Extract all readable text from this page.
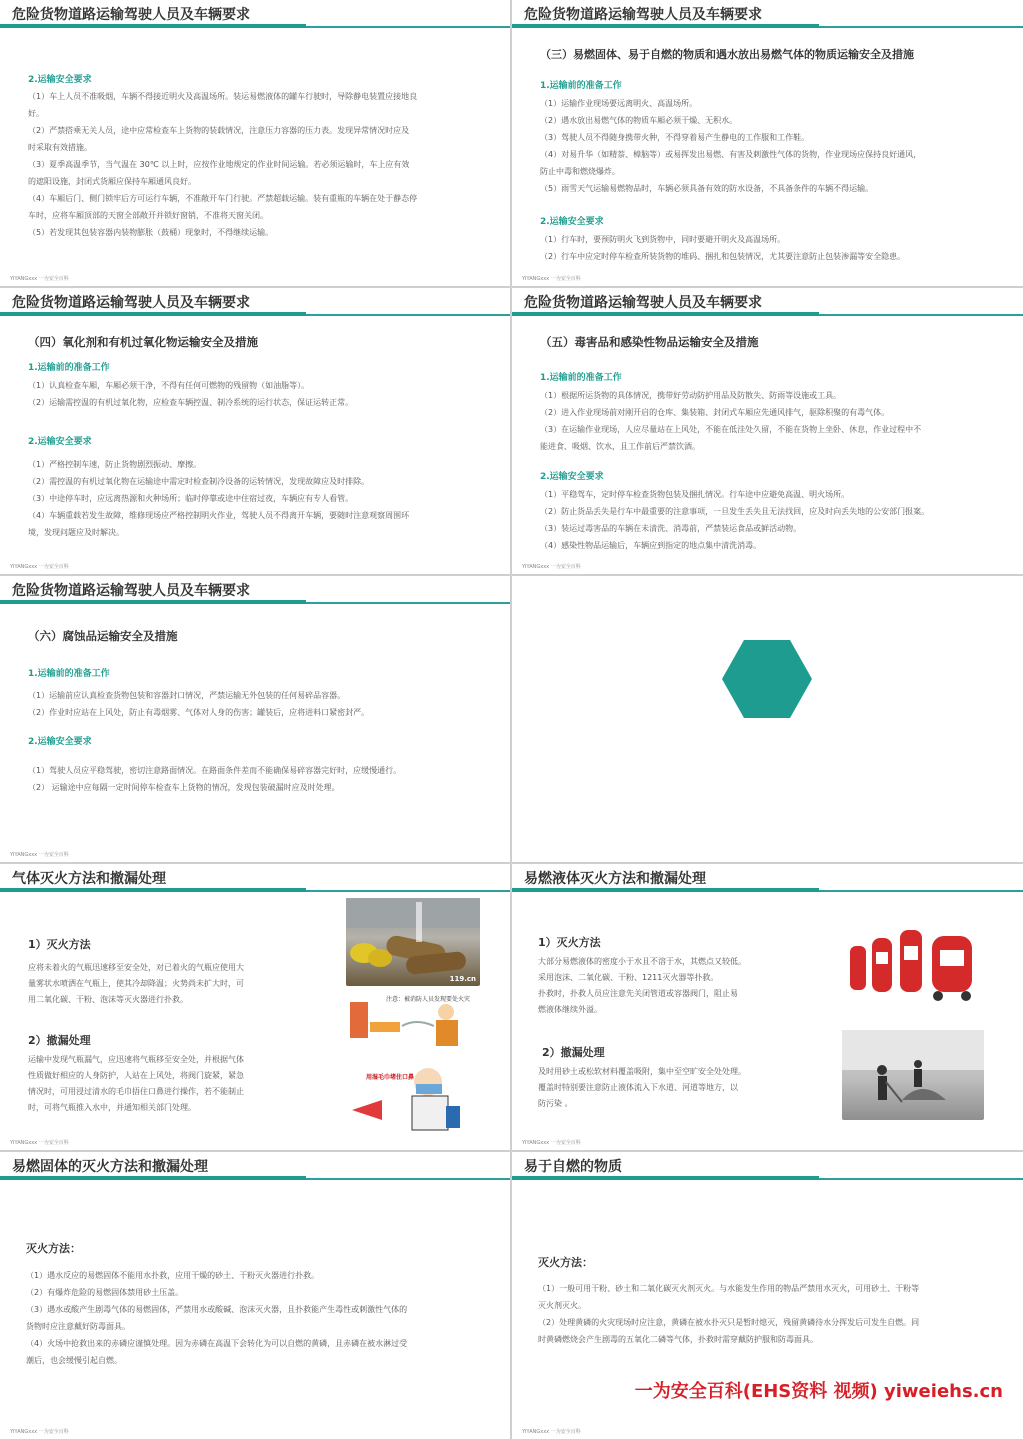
危险货物道路运输驾驶人员及车辆要求
2.运输安全要求

（1）车上人员不准吸烟，车辆不得接近明火及高温场所。装运易燃液体的罐车行驶时，导除静电装置应接地良

好。

（2）严禁搭乘无关人员，途中应常检查车上货物的装载情况，注意压力容器的压力表。发现异常情况时应及

时采取有效措施。

（3）夏季高温季节，当气温在 30℃ 以上时，应按作业地规定的作业时间运输。若必须运输时，车上应有效

的遮阳设施，封闭式货厢应保持车厢通风良好。

（4）车厢后门、侧门锁牢后方可运行车辆，不准敞开车门行驶。严禁超载运输。装有重瓶的车辆在处于静态停

车时，应将车厢顶部的天窗全部敞开并锁好窗销，不准将天窗关闭。

（5）若发现其包装容器内装物膨胀（鼓桶）现象时，不得继续运输。

YIYANGxxx 一为安全百科
危险货物道路运输驾驶人员及车辆要求
（三）易燃固体、易于自燃的物质和遇水放出易燃气体的物质运输安全及措施
1.运输前的准备工作

（1）运输作业现场要远离明火、高温场所。

（2）遇水放出易燃气体的物质车厢必须干燥、无积水。

（3）驾驶人员不得随身携带火种，不得穿着易产生静电的工作服和工作鞋。

（4）对易升华（如精萘、樟脑等）或易挥发出易燃、有害及刺激性气体的货物，作业现场应保持良好通风，

防止中毒和燃烧爆炸。

（5）雨雪天气运输易燃物品时，车辆必须具备有效的防水设备，不具备条件的车辆不得运输。

2.运输安全要求

（1）行车时，要预防明火飞到货物中，同时要避开明火及高温场所。

（2）行车中应定时停车检查所装货物的堆码、捆扎和包装情况，尤其要注意防止包装渗漏等安全隐患。

YIYANGxxx 一为安全百科
危险货物道路运输驾驶人员及车辆要求
（四）氧化剂和有机过氧化物运输安全及措施
1.运输前的准备工作

（1）认真检查车厢，车厢必须干净，不得有任何可燃物的残留物（如油脂等）。

（2）运输需控温的有机过氧化物，应检查车辆控温、制冷系统的运行状态，保证运转正常。

2.运输安全要求

（1）严格控制车速，防止货物剧烈振动、摩擦。

（2）需控温的有机过氧化物在运输途中需定时检查制冷设备的运转情况，发现故障应及时排除。

（3）中途停车时，应远离热源和火种场所；临时停靠或途中住宿过夜，车辆应有专人看管。

（4）车辆重载若发生故障，维修现场应严格控制明火作业，驾驶人员不得离开车辆，要随时注意观察周围环

境，发现问题应及时解决。

YIYANGxxx 一为安全百科
危险货物道路运输驾驶人员及车辆要求
（五）毒害品和感染性物品运输安全及措施
1.运输前的准备工作

（1）根据所运货物的具体情况，携带好劳动防护用品及防散失、防雨等设施或工具。

（2）进入作业现场前对刚开启的仓库、集装箱、封闭式车厢应先通风排气，驱除积聚的有毒气体。

（3）在运输作业现场，人应尽量站在上风处，不能在低洼处久留，不能在货物上坐卧、休息，作业过程中不

能进食、吸烟、饮水，且工作前后严禁饮酒。

2.运输安全要求

（1）平稳驾车，定时停车检查货物包装及捆扎情况。行车途中应避免高温、明火场所。

（2）防止货品丢失是行车中最重要的注意事项，一旦发生丢失且无法找回，应及时向丢失地的公安部门报案。

（3）装运过毒害品的车辆在未清洗、消毒前，严禁装运食品或鲜活动物。

（4）感染性物品运输后，车辆应到指定的地点集中清洗消毒。

YIYANGxxx 一为安全百科
危险货物道路运输驾驶人员及车辆要求
（六）腐蚀品运输安全及措施
1.运输前的准备工作

（1）运输前应认真检查货物包装和容器封口情况，严禁运输无外包装的任何易碎品容器。

（2）作业时应站在上风处，防止有毒烟雾、气体对人身的伤害；罐装后，应将进料口紧密封严。

2.运输安全要求

（1）驾驶人员应平稳驾驶，密切注意路面情况。在路面条件差而不能确保易碎容器完好时，应缓慢通行。

（2） 运输途中应每隔一定时间停车检查车上货物的情况，发现包装破漏时应及时处理。

YIYANGxxx 一为安全百科
气体灭火方法和撤漏处理
1）灭火方法

应将未着火的气瓶迅速移至安全处，对已着火的气瓶应使用大

量雾状水喷洒在气瓶上，使其冷却降温；火势尚未扩大时，可

用二氧化碳、干粉、泡沫等灭火器进行扑救。

2）撤漏处理

运输中发现气瓶漏气，应迅速将气瓶移至安全处，并根据气体

性质做好相应的人身防护，人站在上风处，将阀门旋紧，紧急

情况时，可用浸过清水的毛巾捂住口鼻进行操作，若不能制止

时，可将气瓶推入水中，并通知相关部门处理。

119.cn
注意：被消防人员发现要处火灾
用湿毛巾堵住口鼻
YIYANGxxx 一为安全百科
易燃液体灭火方法和撤漏处理
1）灭火方法

大部分易燃液体的密度小于水且不溶于水，其燃点又较低。

采用泡沫、二氧化碳、干粉、1211灭火器等扑救。

扑救时，扑救人员应注意先关闭管道或容器阀门，阻止易

燃液体继续外溢。

2）撤漏处理

及时用砂土或松软材料覆盖吸附，集中至空旷安全处处理。

覆盖时特别要注意防止液体流入下水道、河道等地方，以

防污染 。

YIYANGxxx 一为安全百科
易燃固体的灭火方法和撤漏处理
灭火方法：

（1）遇水反应的易燃固体不能用水扑救，应用干燥的砂土、干粉灭火器进行扑救。

（2）有爆炸危险的易燃固体禁用砂土压盖。

（3）遇水或酸产生剧毒气体的易燃固体，严禁用水或酸碱、泡沫灭火器，且扑救能产生毒性或刺激性气体的

货物时应注意戴好防毒面具。

（4）火场中抢救出来的赤磷应谨慎处理。因为赤磷在高温下会转化为可以自燃的黄磷，且赤磷在被水淋过受

潮后，也会缓慢引起自燃。

YIYANGxxx 一为安全百科
易于自燃的物质
灭火方法：

（1）一般可用干粉、砂土和二氧化碳灭火剂灭火。与水能发生作用的物品严禁用水灭火，可用砂土、干粉等

灭火剂灭火。

（2）处理黄磷的火灾现场时应注意，黄磷在被水扑灭只是暂时熄灭，残留黄磷待水分挥发后可发生自燃。同

时黄磷燃烧会产生剧毒的五氧化二磷等气体，扑救时需穿戴防护服和防毒面具。

YIYANGxxx 一为安全百科
一为安全百科(EHS资料 视频) yiweiehs.cn
